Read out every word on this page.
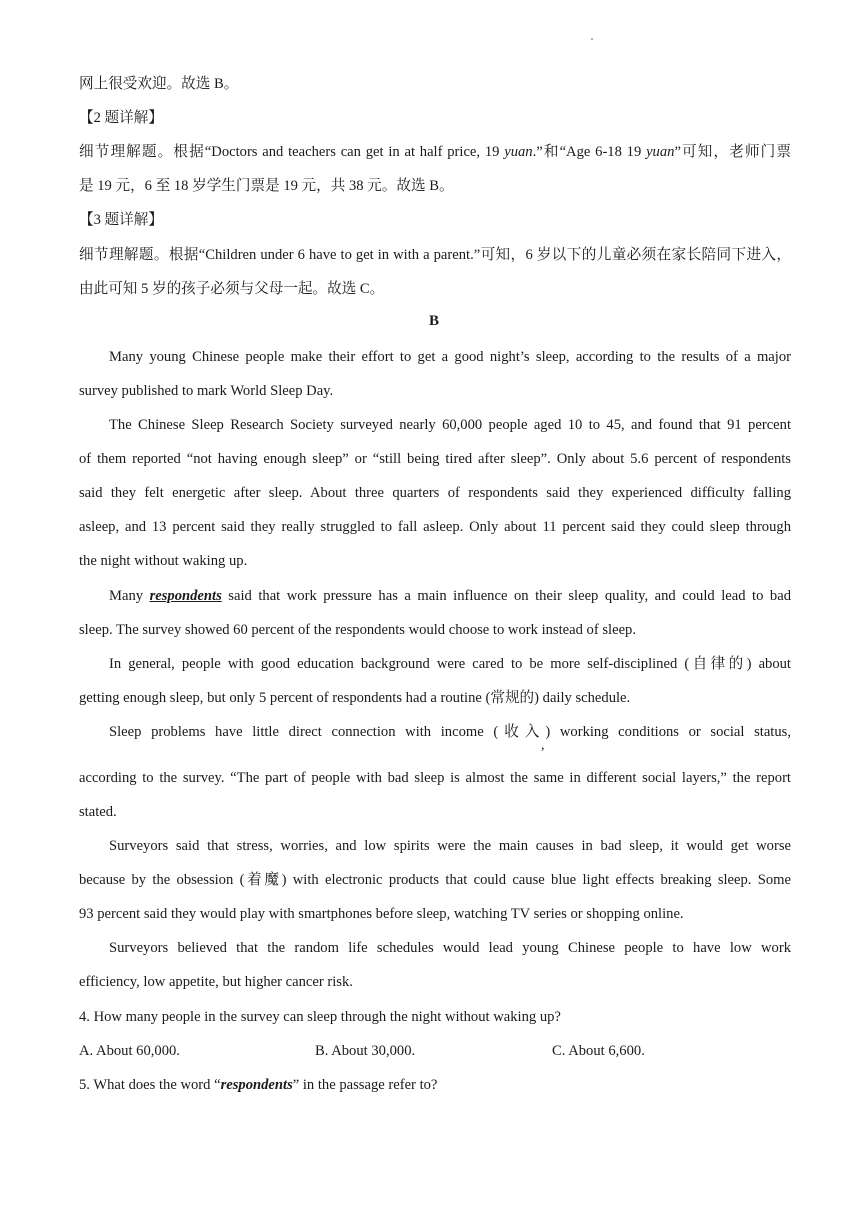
网上很受欢迎。故选 B。
【2 题详解】
细节理解题。根据“Doctors and teachers can get in at half price, 19 yuan.”和“Age 6-18 19 yuan”可知，老师门票
是 19 元，6 至 18 岁学生门票是 19 元，共 38 元。故选 B。
【3 题详解】
细节理解题。根据“Children under 6 have to get in with a parent.”可知，6 岁以下的儿童必须在家长陪同下进入，
由此可知 5 岁的孩子必须与父母一起。故选 C。
B
Many young Chinese people make their effort to get a good night’s sleep, according to the results of a major
survey published to mark World Sleep Day.
The Chinese Sleep Research Society surveyed nearly 60,000 people aged 10 to 45, and found that 91 percent
of them reported “not having enough sleep” or “still being tired after sleep”. Only about 5.6 percent of respondents
said they felt energetic after sleep. About three quarters of respondents said they experienced difficulty falling
asleep, and 13 percent said they really struggled to fall asleep. Only about 11 percent said they could sleep through
the night without waking up.
Many respondents said that work pressure has a main influence on their sleep quality, and could lead to bad
sleep. The survey showed 60 percent of the respondents would choose to work instead of sleep.
In general, people with good education background were cared to be more self-disciplined (自律的) about
getting enough sleep, but only 5 percent of respondents had a routine (常规的) daily schedule.
Sleep problems have little direct connection with income (收入) working conditions or social status,
,
according to the survey. “The part of people with bad sleep is almost the same in different social layers,” the report
stated.
Surveyors said that stress, worries, and low spirits were the main causes in bad sleep, it would get worse
because by the obsession (着魔) with electronic products that could cause blue light effects breaking sleep. Some
93 percent said they would play with smartphones before sleep, watching TV series or shopping online.
Surveyors believed that the random life schedules would lead young Chinese people to have low work
efficiency, low appetite, but higher cancer risk.
4. How many people in the survey can sleep through the night without waking up?
A. About 60,000.	B. About 30,000.	C. About 6,600.
5. What does the word “respondents” in the passage refer to?
